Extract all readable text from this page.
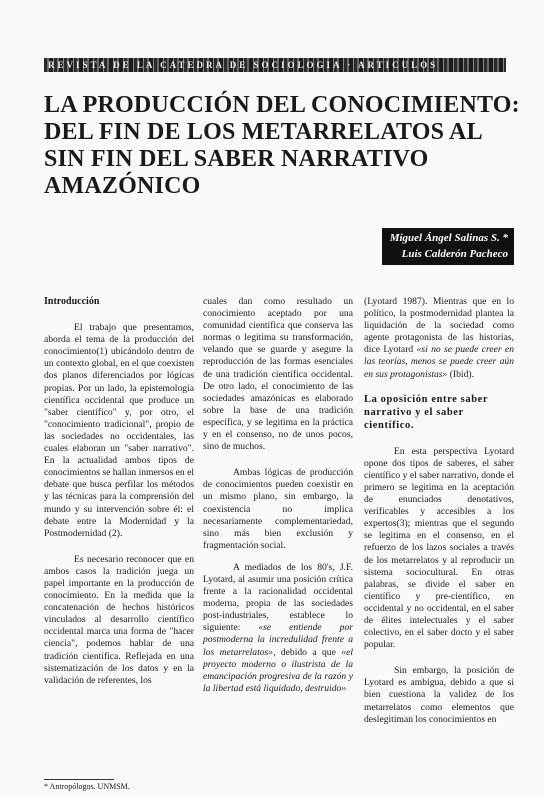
REVISTA DE LA CATEDRA DE SOCIOLOGIA · ARTICULOS
LA PRODUCCIÓN DEL CONOCIMIENTO:
DEL FIN DE LOS METARRELATOS AL
SIN FIN DEL SABER NARRATIVO
AMAZÓNICO
Miguel Ángel Salinas S. *
Luis Calderón Pacheco

Introducción

El trabajo que presentamos, aborda el tema de la producción del conocimiento(1) ubicándolo dentro de un contexto global, en el que coexisten dos planos diferenciados por lógicas propias. Por un lado, la epistemología científica occidental que produce un "saber científico" y, por otro, el "conocimiento tradicional", propio de las sociedades no occidentales, las cuales elaboran un "saber narrativo". En la actualidad ambos tipos de conocimientos se hallan inmersos en el debate que busca perfilar los métodos y las técnicas para la comprensión del mundo y su intervención sobre él: el debate entre la Modernidad y la Postmodernidad (2).

Es necesario reconocer que en ambos casos la tradición juega un papel importante en la producción de conocimiento. En la medida que la concatenación de hechos históricos vinculados al desarrollo científico occidental marca una forma de "hacer ciencia", podemos hablar de una tradición científica. Reflejada en una sistematización de los datos y en la validación de referentes, los

cuales dan como resultado un conocimiento aceptado por una comunidad científica que conserva las normas o legitima su transformación, velando que se guarde y asegure la reproducción de las formas esenciales de una tradición científica occidental. De otro lado, el conocimiento de las sociedades amazónicas es elaborado sobre la base de una tradición específica, y se legitima en la práctica y en el consenso, no de unos pocos, sino de muchos.

Ambas lógicas de producción de conocimientos pueden coexistir en un mismo plano, sin embargo, la coexistencia no implica necesariamente complementariedad, sino más bien exclusión y fragmentación social.

A mediados de los 80's, J.F. Lyotard, al asumir una posición crítica frente a la racionalidad occidental moderna, propia de las sociedades post-industriales, establece lo siguiente: «se entiende por postmoderna la incredulidad frente a los metarrelatos», debido a que «el proyecto moderno o ilustrista de la emancipación progresiva de la razón y la libertad está liquidado, destruido»

(Lyotard 1987). Mientras que en lo político, la postmodernidad plantea la liquidación de la sociedad como agente protagonista de las historias, dice Lyotard «si no se puede creer en las teorías, menos se puede creer aún en sus protagonistas» (Ibid).

La oposición entre saber narrativo y el saber científico.

En esta perspectiva Lyotard opone dos tipos de saberes, el saber científico y el saber narrativo, donde el primero se legitima en la aceptación de enunciados denotativos, verificables y accesibles a los expertos(3); mientras que el segundo se legitima en el consenso, en el refuerzo de los lazos sociales a través de los metarrelatos y al reproducir un sistema sociocultural. En otras palabras, se divide el saber en científico y pre-científico, en occidental y no occidental, en el saber de élites intelectuales y el saber colectivo, en el saber docto y el saber popular.

Sin embargo, la posición de Lyotard es ambigua, debido a que si bien cuestiona la validez de los metarrelatos como elementos que deslegitiman los conocimientos en

* Antropólogos. UNMSM.
